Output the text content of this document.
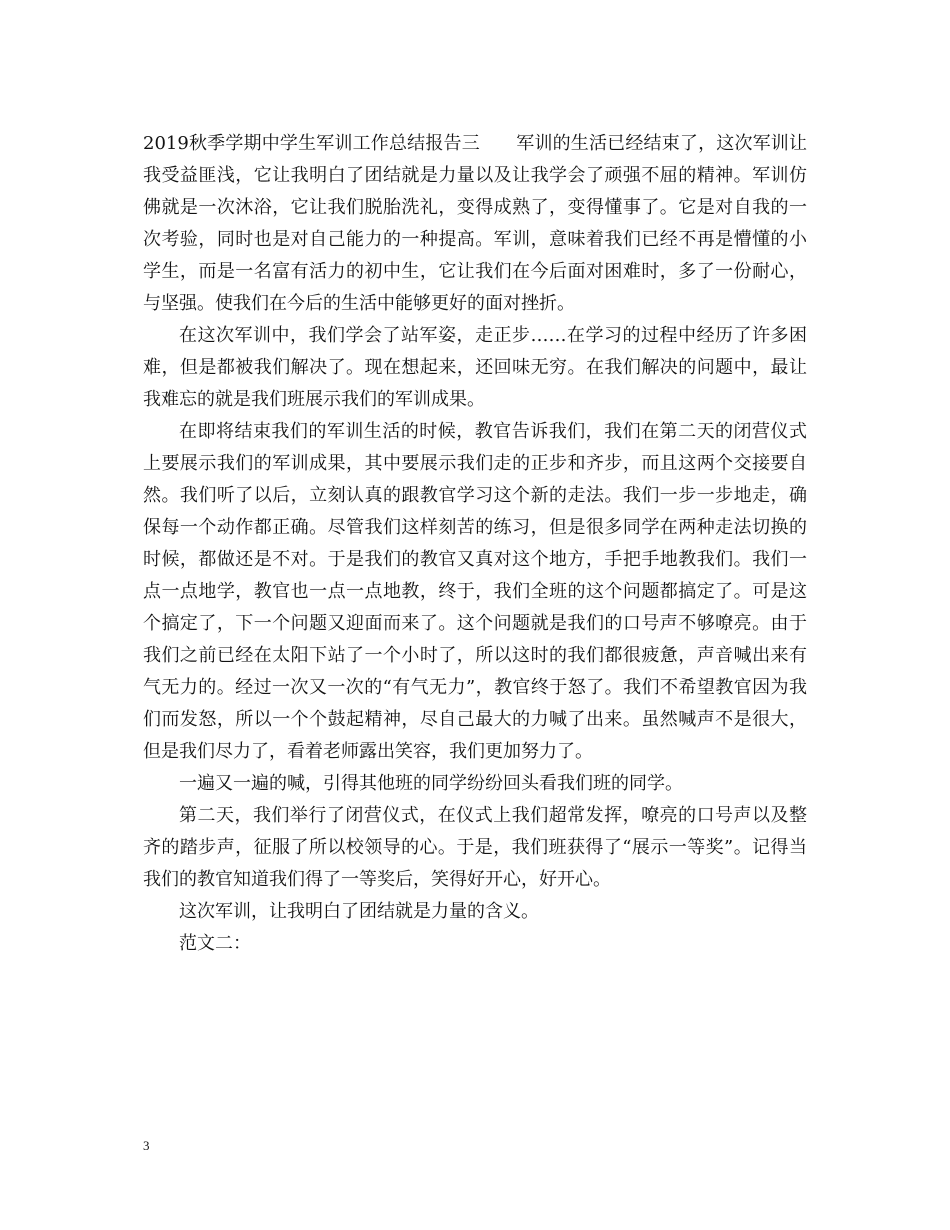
2019秋季学期中学生军训工作总结报告三　　军训的生活已经结束了，这次军训让我受益匪浅，它让我明白了团结就是力量以及让我学会了顽强不屈的精神。军训仿佛就是一次沐浴，它让我们脱胎洗礼，变得成熟了，变得懂事了。它是对自我的一次考验，同时也是对自己能力的一种提高。军训，意味着我们已经不再是懵懂的小学生，而是一名富有活力的初中生，它让我们在今后面对困难时，多了一份耐心，与坚强。使我们在今后的生活中能够更好的面对挫折。

在这次军训中，我们学会了站军姿，走正步……在学习的过程中经历了许多困难，但是都被我们解决了。现在想起来，还回味无穷。在我们解决的问题中，最让我难忘的就是我们班展示我们的军训成果。

在即将结束我们的军训生活的时候，教官告诉我们，我们在第二天的闭营仪式上要展示我们的军训成果，其中要展示我们走的正步和齐步，而且这两个交接要自然。我们听了以后，立刻认真的跟教官学习这个新的走法。我们一步一步地走，确保每一个动作都正确。尽管我们这样刻苦的练习，但是很多同学在两种走法切换的时候，都做还是不对。于是我们的教官又真对这个地方，手把手地教我们。我们一点一点地学，教官也一点一点地教，终于，我们全班的这个问题都搞定了。可是这个搞定了，下一个问题又迎面而来了。这个问题就是我们的口号声不够嘹亮。由于我们之前已经在太阳下站了一个小时了，所以这时的我们都很疲惫，声音喊出来有气无力的。经过一次又一次的“有气无力”，教官终于怒了。我们不希望教官因为我们而发怒，所以一个个鼓起精神，尽自己最大的力喊了出来。虽然喊声不是很大，但是我们尽力了，看着老师露出笑容，我们更加努力了。

一遍又一遍的喊，引得其他班的同学纷纷回头看我们班的同学。

第二天，我们举行了闭营仪式，在仪式上我们超常发挥，嘹亮的口号声以及整齐的踏步声，征服了所以校领导的心。于是，我们班获得了“展示一等奖”。记得当我们的教官知道我们得了一等奖后，笑得好开心，好开心。

这次军训，让我明白了团结就是力量的含义。

范文二：

3
